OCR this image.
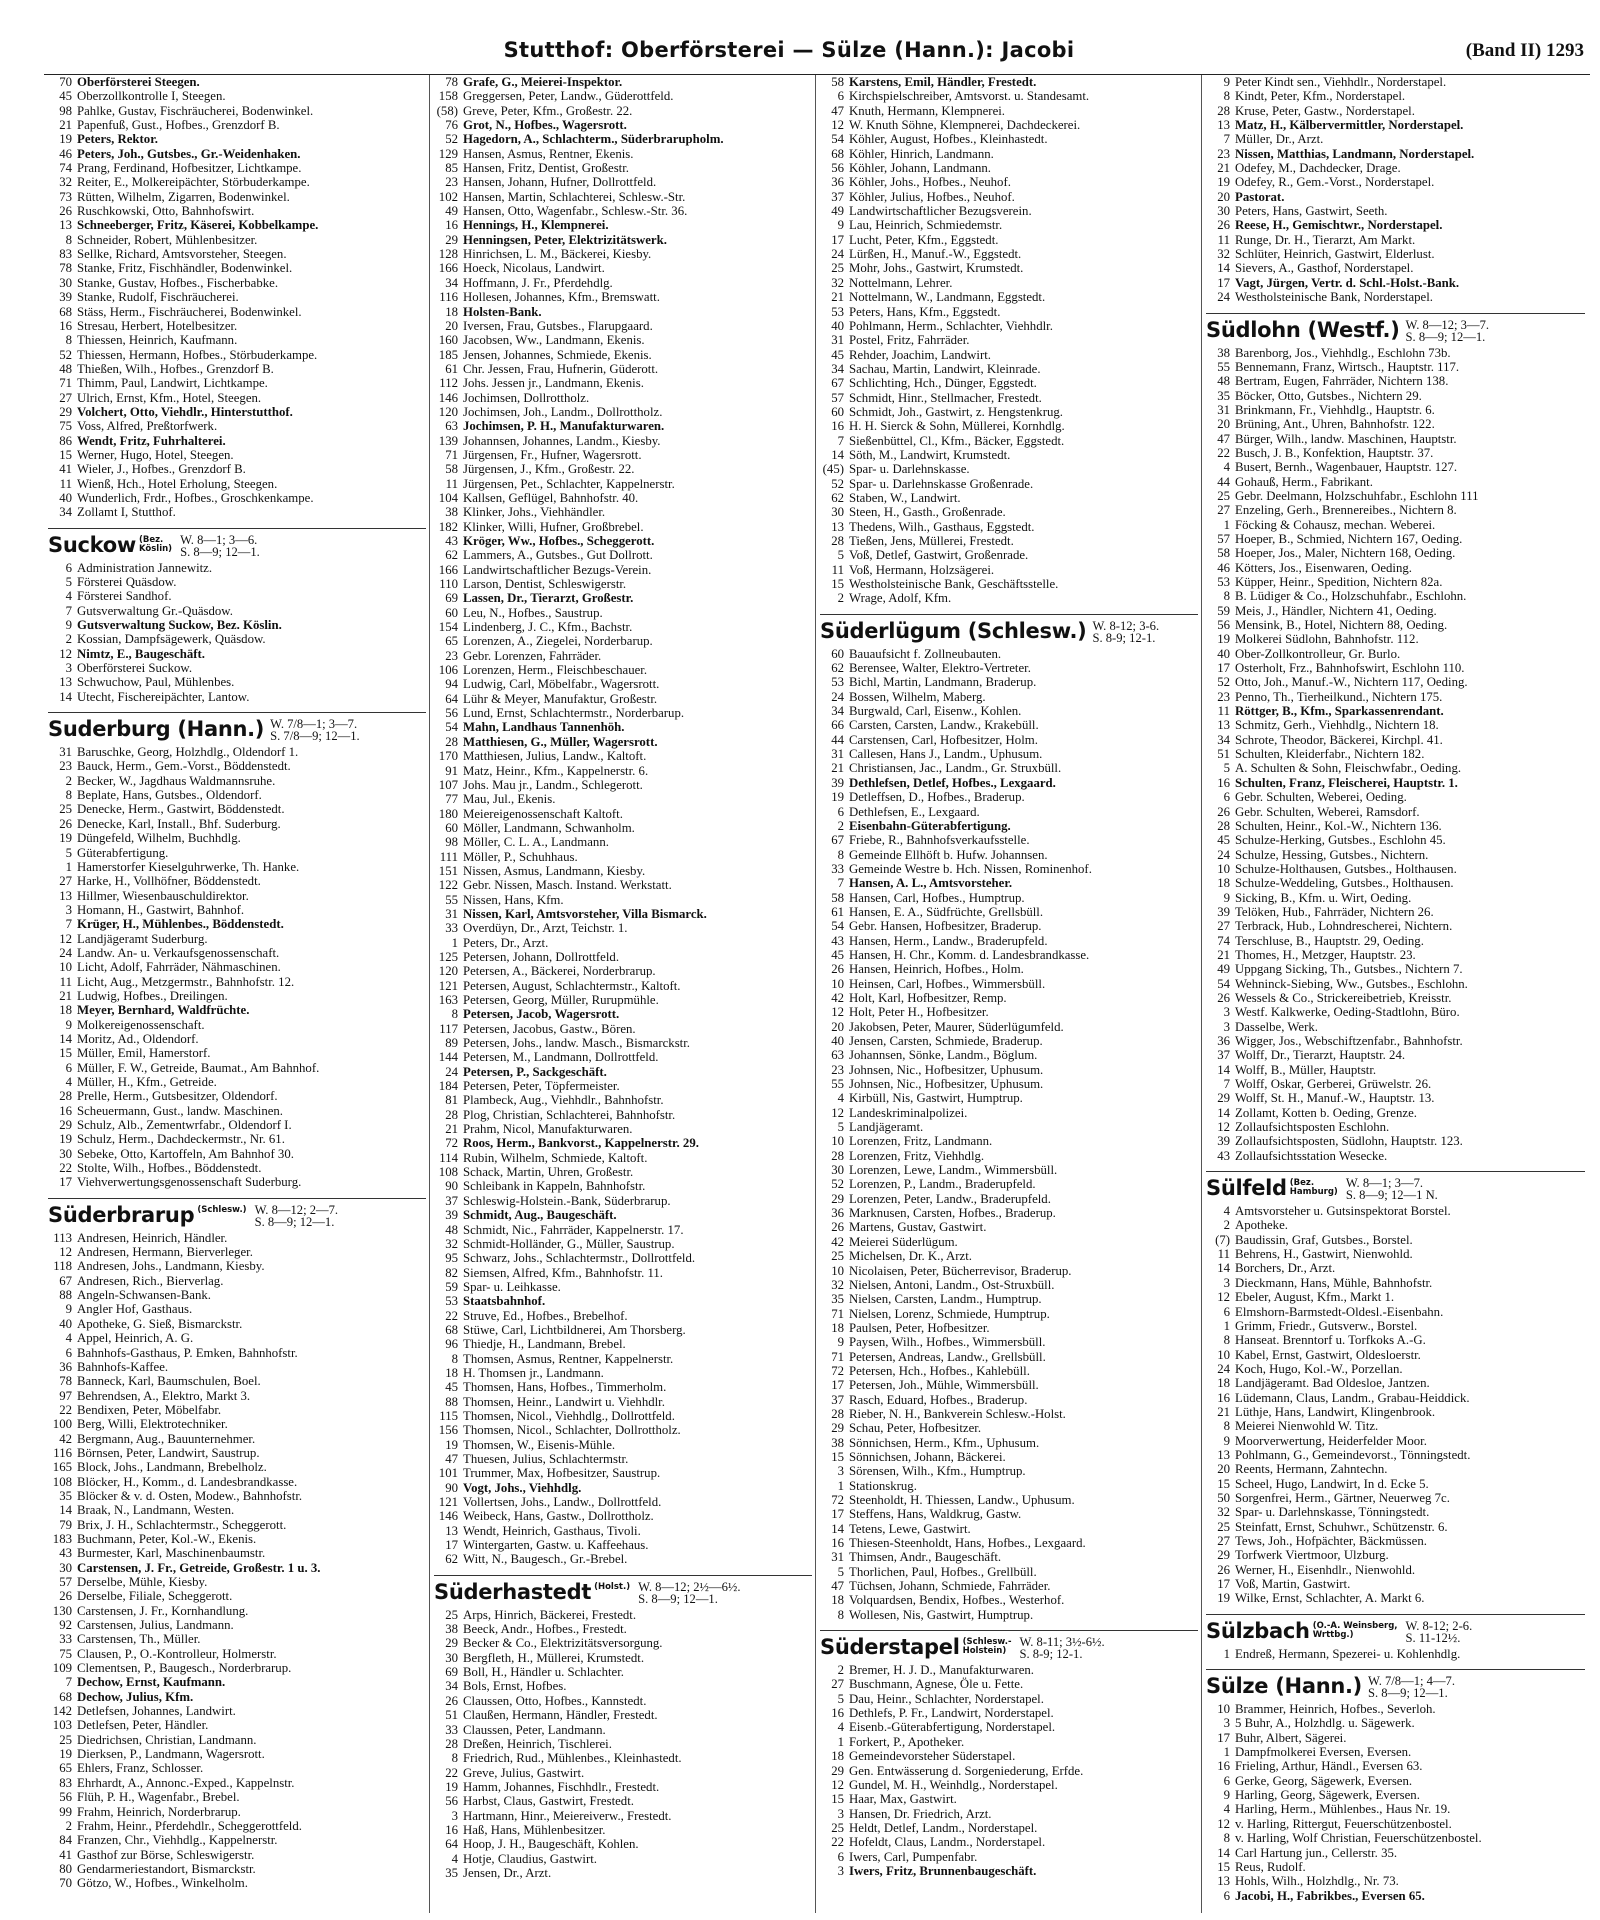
Stutthof: Oberförsterei — Sülze (Hann.): Jacobi	(Band II) 1293
70 Oberförsterei Steegen.
45 Oberzollkontrolle I, Steegen.
98 Pahlke, Gustav, Fischräucherei, Bodenwinkel.
21 Papenfuß, Gust., Hofbes., Grenzdorf B.
19 Peters, Rektor.
46 Peters, Joh., Gutsbes., Gr.-Weidenhaken.
74 Prang, Ferdinand, Hofbesitzer, Lichtkampe.
32 Reiter, E., Molkereipächter, Störbuderkampe.
73 Rütten, Wilhelm, Zigarren, Bodenwinkel.
26 Ruschkowski, Otto, Bahnhofswirt.
13 Schneeberger, Fritz, Käserei, Kobbelkampe.
8 Schneider, Robert, Mühlenbesitzer.
83 Sellke, Richard, Amtsvorsteher, Steegen.
78 Stanke, Fritz, Fischhändler, Bodenwinkel.
30 Stanke, Gustav, Hofbes., Fischerbabke.
39 Stanke, Rudolf, Fischräucherei.
68 Stäss, Herm., Fischräucherei, Bodenwinkel.
16 Stresau, Herbert, Hotelbesitzer.
8 Thiessen, Heinrich, Kaufmann.
52 Thiessen, Hermann, Hofbes., Störbuderkampe.
48 Thießen, Wilh., Hofbes., Grenzdorf B.
71 Thimm, Paul, Landwirt, Lichtkampe.
27 Ulrich, Ernst, Kfm., Hotel, Steegen.
29 Volchert, Otto, Viehdlr., Hinterstutthof.
75 Voss, Alfred, Preßtorfwerk.
86 Wendt, Fritz, Fuhrhalterei.
15 Werner, Hugo, Hotel, Steegen.
41 Wieler, J., Hofbes., Grenzdorf B.
11 Wienß, Hch., Hotel Erholung, Steegen.
40 Wunderlich, Frdr., Hofbes., Groschkenkampe.
34 Zollamt I, Stutthof.
Suckow (Bez.
Köslin)
W. 8—1; 3—6.
S. 8—9; 12—1.
6 Administration Jannewitz.
5 Försterei Quäsdow.
4 Försterei Sandhof.
7 Gutsverwaltung Gr.-Quäsdow.
9 Gutsverwaltung Suckow, Bez. Köslin.
2 Kossian, Dampfsägewerk, Quäsdow.
12 Nimtz, E., Baugeschäft.
3 Oberförsterei Suckow.
13 Schwuchow, Paul, Mühlenbes.
14 Utecht, Fischereipächter, Lantow.
Suderburg (Hann.) W. 7/8—1; 3—7.
S. 7/8—9; 12—1.
31 Baruschke, Georg, Holzhdlg., Oldendorf 1.
23 Bauck, Herm., Gem.-Vorst., Böddenstedt.
2 Becker, W., Jagdhaus Waldmannsruhe.
8 Beplate, Hans, Gutsbes., Oldendorf.
25 Denecke, Herm., Gastwirt, Böddenstedt.
26 Denecke, Karl, Install., Bhf. Suderburg.
19 Düngefeld, Wilhelm, Buchhdlg.
5 Güterabfertigung.
1 Hamerstorfer Kieselguhrwerke, Th. Hanke.
27 Harke, H., Vollhöfner, Böddenstedt.
13 Hillmer, Wiesenbauschuldirektor.
3 Homann, H., Gastwirt, Bahnhof.
7 Krüger, H., Mühlenbes., Böddenstedt.
12 Landjägeramt Suderburg.
24 Landw. An- u. Verkaufsgenossenschaft.
10 Licht, Adolf, Fahrräder, Nähmaschinen.
11 Licht, Aug., Metzgermstr., Bahnhofstr. 12.
21 Ludwig, Hofbes., Dreilingen.
18 Meyer, Bernhard, Waldfrüchte.
9 Molkereigenossenschaft.
14 Moritz, Ad., Oldendorf.
15 Müller, Emil, Hamerstorf.
6 Müller, F. W., Getreide, Baumat., Am Bahnhof.
4 Müller, H., Kfm., Getreide.
28 Prelle, Herm., Gutsbesitzer, Oldendorf.
16 Scheuermann, Gust., landw. Maschinen.
29 Schulz, Alb., Zementwrfabr., Oldendorf I.
19 Schulz, Herm., Dachdeckermstr., Nr. 61.
30 Sebeke, Otto, Kartoffeln, Am Bahnhof 30.
22 Stolte, Wilh., Hofbes., Böddenstedt.
17 Viehverwertungsgenossenschaft Suderburg.
Süderbrarup (Schlesw.) W. 8—12; 2—7.
S. 8—9; 12—1.
113 Andresen, Heinrich, Händler.
12 Andresen, Hermann, Bierverleger.
118 Andresen, Johs., Landmann, Kiesby.
67 Andresen, Rich., Bierverlag.
88 Angeln-Schwansen-Bank.
9 Angler Hof, Gasthaus.
40 Apotheke, G. Sieß, Bismarckstr.
4 Appel, Heinrich, A. G.
6 Bahnhofs-Gasthaus, P. Emken, Bahnhofstr.
36 Bahnhofs-Kaffee.
78 Banneck, Karl, Baumschulen, Boel.
97 Behrendsen, A., Elektro, Markt 3.
22 Bendixen, Peter, Möbelfabr.
100 Berg, Willi, Elektrotechniker.
42 Bergmann, Aug., Bauunternehmer.
116 Börnsen, Peter, Landwirt, Saustrup.
165 Block, Johs., Landmann, Brebelholz.
108 Blöcker, H., Komm., d. Landesbrandkasse.
35 Blöcker & v. d. Osten, Modew., Bahnhofstr.
14 Braak, N., Landmann, Westen.
79 Brix, J. H., Schlachtermstr., Scheggerott.
183 Buchmann, Peter, Kol.-W., Ekenis.
43 Burmester, Karl, Maschinenbaumstr.
30 Carstensen, J. Fr., Getreide, Großestr. 1 u. 3.
57 Derselbe, Mühle, Kiesby.
26 Derselbe, Filiale, Scheggerott.
130 Carstensen, J. Fr., Kornhandlung.
92 Carstensen, Julius, Landmann.
33 Carstensen, Th., Müller.
75 Clausen, P., O.-Kontrolleur, Holmerstr.
109 Clementsen, P., Baugesch., Norderbrarup.
7 Dechow, Ernst, Kaufmann.
68 Dechow, Julius, Kfm.
142 Detlefsen, Johannes, Landwirt.
103 Detlefsen, Peter, Händler.
25 Diedrichsen, Christian, Landmann.
19 Dierksen, P., Landmann, Wagersrott.
65 Ehlers, Franz, Schlosser.
83 Ehrhardt, A., Annonc.-Exped., Kappelnstr.
56 Flüh, P. H., Wagenfabr., Brebel.
99 Frahm, Heinrich, Norderbrarup.
2 Frahm, Heinr., Pferdehdlr., Scheggerottfeld.
84 Franzen, Chr., Viehhdlg., Kappelnerstr.
41 Gasthof zur Börse, Schleswigerstr.
80 Gendarmeriestandort, Bismarckstr.
70 Götzo, W., Hofbes., Winkelholm.
78 Grafe, G., Meierei-Inspektor.
158 Greggersen, Peter, Landw., Güderottfeld.
(58) Greve, Peter, Kfm., Großestr. 22.
76 Grot, N., Hofbes., Wagersrott.
52 Hagedorn, A., Schlachterm., Süderbrarupholm.
129 Hansen, Asmus, Rentner, Ekenis.
85 Hansen, Fritz, Dentist, Großestr.
23 Hansen, Johann, Hufner, Dollrottfeld.
102 Hansen, Martin, Schlachterei, Schlesw.-Str.
49 Hansen, Otto, Wagenfabr., Schlesw.-Str. 36.
16 Hennings, H., Klempnerei.
29 Henningsen, Peter, Elektrizitätswerk.
128 Hinrichsen, L. M., Bäckerei, Kiesby.
166 Hoeck, Nicolaus, Landwirt.
34 Hoffmann, J. Fr., Pferdehdlg.
116 Hollesen, Johannes, Kfm., Bremswatt.
18 Holsten-Bank.
20 Iversen, Frau, Gutsbes., Flarupgaard.
160 Jacobsen, Ww., Landmann, Ekenis.
185 Jensen, Johannes, Schmiede, Ekenis.
61 Chr. Jessen, Frau, Hufnerin, Güderott.
112 Johs. Jessen jr., Landmann, Ekenis.
146 Jochimsen, Dollrottholz.
120 Jochimsen, Joh., Landm., Dollrottholz.
63 Jochimsen, P. H., Manufakturwaren.
139 Johannsen, Johannes, Landm., Kiesby.
71 Jürgensen, Fr., Hufner, Wagersrott.
58 Jürgensen, J., Kfm., Großestr. 22.
11 Jürgensen, Pet., Schlachter, Kappelnerstr.
104 Kallsen, Geflügel, Bahnhofstr. 40.
38 Klinker, Johs., Viehhändler.
182 Klinker, Willi, Hufner, Großbrebel.
43 Kröger, Ww., Hofbes., Scheggerott.
62 Lammers, A., Gutsbes., Gut Dollrott.
166 Landwirtschaftlicher Bezugs-Verein.
110 Larson, Dentist, Schleswigerstr.
69 Lassen, Dr., Tierarzt, Großestr.
60 Leu, N., Hofbes., Saustrup.
154 Lindenberg, J. C., Kfm., Bachstr.
65 Lorenzen, A., Ziegelei, Norderbarup.
23 Gebr. Lorenzen, Fahrräder.
106 Lorenzen, Herm., Fleischbeschauer.
94 Ludwig, Carl, Möbelfabr., Wagersrott.
64 Lühr & Meyer, Manufaktur, Großestr.
56 Lund, Ernst, Schlachtermstr., Norderbarup.
54 Mahn, Landhaus Tannenhöh.
28 Matthiesen, G., Müller, Wagersrott.
170 Matthiesen, Julius, Landw., Kaltoft.
91 Matz, Heinr., Kfm., Kappelnerstr. 6.
107 Johs. Mau jr., Landm., Schlegerott.
77 Mau, Jul., Ekenis.
180 Meiereigenossenschaft Kaltoft.
60 Möller, Landmann, Schwanholm.
98 Möller, C. L. A., Landmann.
111 Möller, P., Schuhhaus.
151 Nissen, Asmus, Landmann, Kiesby.
122 Gebr. Nissen, Masch. Instand. Werkstatt.
55 Nissen, Hans, Kfm.
31 Nissen, Karl, Amtsvorsteher, Villa Bismarck.
33 Overdüyn, Dr., Arzt, Teichstr. 1.
1 Peters, Dr., Arzt.
125 Petersen, Johann, Dollrottfeld.
120 Petersen, A., Bäckerei, Norderbrarup.
121 Petersen, August, Schlachtermstr., Kaltoft.
163 Petersen, Georg, Müller, Rurupmühle.
8 Petersen, Jacob, Wagersrott.
117 Petersen, Jacobus, Gastw., Bören.
89 Petersen, Johs., landw. Masch., Bismarckstr.
144 Petersen, M., Landmann, Dollrottfeld.
24 Petersen, P., Sackgeschäft.
184 Petersen, Peter, Töpfermeister.
81 Plambeck, Aug., Viehhdlr., Bahnhofstr.
28 Plog, Christian, Schlachterei, Bahnhofstr.
21 Prahm, Nicol, Manufakturwaren.
72 Roos, Herm., Bankvorst., Kappelnerstr. 29.
114 Rubin, Wilhelm, Schmiede, Kaltoft.
108 Schack, Martin, Uhren, Großestr.
90 Schleibank in Kappeln, Bahnhofstr.
37 Schleswig-Holstein.-Bank, Süderbrarup.
39 Schmidt, Aug., Baugeschäft.
48 Schmidt, Nic., Fahrräder, Kappelnerstr. 17.
32 Schmidt-Holländer, G., Müller, Saustrup.
95 Schwarz, Johs., Schlachtermstr., Dollrottfeld.
82 Siemsen, Alfred, Kfm., Bahnhofstr. 11.
59 Spar- u. Leihkasse.
53 Staatsbahnhof.
22 Struve, Ed., Hofbes., Brebelhof.
68 Stüwe, Carl, Lichtbildnerei, Am Thorsberg.
96 Thiedje, H., Landmann, Brebel.
8 Thomsen, Asmus, Rentner, Kappelnerstr.
18 H. Thomsen jr., Landmann.
45 Thomsen, Hans, Hofbes., Timmerholm.
88 Thomsen, Heinr., Landwirt u. Viehhdlr.
115 Thomsen, Nicol., Viehhdlg., Dollrottfeld.
156 Thomsen, Nicol., Schlachter, Dollrottholz.
19 Thomsen, W., Eisenis-Mühle.
47 Thuesen, Julius, Schlachtermstr.
101 Trummer, Max, Hofbesitzer, Saustrup.
90 Vogt, Johs., Viehhdlg.
121 Vollertsen, Johs., Landw., Dollrottfeld.
146 Weibeck, Hans, Gastw., Dollrottholz.
13 Wendt, Heinrich, Gasthaus, Tivoli.
17 Wintergarten, Gastw. u. Kaffeehaus.
62 Witt, N., Baugesch., Gr.-Brebel.
Süderhastedt (Holst.) W. 8—12; 2½—6½.
S. 8—9; 12—1.
25 Arps, Hinrich, Bäckerei, Frestedt.
38 Beeck, Andr., Hofbes., Frestedt.
29 Becker & Co., Elektrizitätsversorgung.
30 Bergfleth, H., Müllerei, Krumstedt.
69 Boll, H., Händler u. Schlachter.
34 Bols, Ernst, Hofbes.
26 Claussen, Otto, Hofbes., Kannstedt.
51 Claußen, Hermann, Händler, Frestedt.
33 Claussen, Peter, Landmann.
28 Dreßen, Heinrich, Tischlerei.
8 Friedrich, Rud., Mühlenbes., Kleinhastedt.
22 Greve, Julius, Gastwirt.
19 Hamm, Johannes, Fischhdlr., Frestedt.
56 Harbst, Claus, Gastwirt, Frestedt.
3 Hartmann, Hinr., Meiereiverw., Frestedt.
16 Haß, Hans, Mühlenbesitzer.
64 Hoop, J. H., Baugeschäft, Kohlen.
4 Hotje, Claudius, Gastwirt.
35 Jensen, Dr., Arzt.
58 Karstens, Emil, Händler, Frestedt.
6 Kirchspielschreiber, Amtsvorst. u. Standesamt.
47 Knuth, Hermann, Klempnerei.
12 W. Knuth Söhne, Klempnerei, Dachdeckerei.
54 Köhler, August, Hofbes., Kleinhastedt.
68 Köhler, Hinrich, Landmann.
56 Köhler, Johann, Landmann.
36 Köhler, Johs., Hofbes., Neuhof.
37 Köhler, Julius, Hofbes., Neuhof.
49 Landwirtschaftlicher Bezugsverein.
9 Lau, Heinrich, Schmiedemstr.
17 Lucht, Peter, Kfm., Eggstedt.
24 Lürßen, H., Manuf.-W., Eggstedt.
25 Mohr, Johs., Gastwirt, Krumstedt.
32 Nottelmann, Lehrer.
21 Nottelmann, W., Landmann, Eggstedt.
53 Peters, Hans, Kfm., Eggstedt.
40 Pohlmann, Herm., Schlachter, Viehhdlr.
31 Postel, Fritz, Fahrräder.
45 Rehder, Joachim, Landwirt.
34 Sachau, Martin, Landwirt, Kleinrade.
67 Schlichting, Hch., Dünger, Eggstedt.
57 Schmidt, Hinr., Stellmacher, Frestedt.
60 Schmidt, Joh., Gastwirt, z. Hengstenkrug.
16 H. H. Sierck & Sohn, Müllerei, Kornhdlg.
7 Sießenbüttel, Cl., Kfm., Bäcker, Eggstedt.
14 Söth, M., Landwirt, Krumstedt.
(45) Spar- u. Darlehnskasse.
52 Spar- u. Darlehnskasse Großenrade.
62 Staben, W., Landwirt.
30 Steen, H., Gasth., Großenrade.
13 Thedens, Wilh., Gasthaus, Eggstedt.
28 Tießen, Jens, Müllerei, Frestedt.
5 Voß, Detlef, Gastwirt, Großenrade.
11 Voß, Hermann, Holzsägerei.
15 Westholsteinische Bank, Geschäftsstelle.
2 Wrage, Adolf, Kfm.
Süderlügum (Schlesw.) W. 8-12; 3-6.
S. 8-9; 12-1.
60 Bauaufsicht f. Zollneubauten.
62 Berensee, Walter, Elektro-Vertreter.
53 Bichl, Martin, Landmann, Braderup.
24 Bossen, Wilhelm, Maberg.
34 Burgwald, Carl, Eisenw., Kohlen.
66 Carsten, Carsten, Landw., Krakebüll.
44 Carstensen, Carl, Hofbesitzer, Holm.
31 Callesen, Hans J., Landm., Uphusum.
21 Christiansen, Jac., Landm., Gr. Struxbüll.
39 Dethlefsen, Detlef, Hofbes., Lexgaard.
19 Detleffsen, D., Hofbes., Braderup.
6 Dethlefsen, E., Lexgaard.
2 Eisenbahn-Güterabfertigung.
67 Friebe, R., Bahnhofsverkaufsstelle.
8 Gemeinde Ellhöft b. Hufw. Johannsen.
33 Gemeinde Westre b. Hch. Nissen, Rominenhof.
7 Hansen, A. L., Amtsvorsteher.
58 Hansen, Carl, Hofbes., Humptrup.
61 Hansen, E. A., Südfrüchte, Grellsbüll.
54 Gebr. Hansen, Hofbesitzer, Braderup.
43 Hansen, Herm., Landw., Braderupfeld.
45 Hansen, H. Chr., Komm. d. Landesbrandkasse.
26 Hansen, Heinrich, Hofbes., Holm.
10 Heinsen, Carl, Hofbes., Wimmersbüll.
42 Holt, Karl, Hofbesitzer, Remp.
12 Holt, Peter H., Hofbesitzer.
20 Jakobsen, Peter, Maurer, Süderlügumfeld.
40 Jensen, Carsten, Schmiede, Braderup.
63 Johannsen, Sönke, Landm., Böglum.
23 Johnsen, Nic., Hofbesitzer, Uphusum.
55 Johnsen, Nic., Hofbesitzer, Uphusum.
4 Kirbüll, Nis, Gastwirt, Humptrup.
12 Landeskriminalpolizei.
5 Landjägeramt.
10 Lorenzen, Fritz, Landmann.
28 Lorenzen, Fritz, Viehhdlg.
30 Lorenzen, Lewe, Landm., Wimmersbüll.
52 Lorenzen, P., Landm., Braderupfeld.
29 Lorenzen, Peter, Landw., Braderupfeld.
36 Marknusen, Carsten, Hofbes., Braderup.
26 Martens, Gustav, Gastwirt.
42 Meierei Süderlügum.
25 Michelsen, Dr. K., Arzt.
10 Nicolaisen, Peter, Bücherrevisor, Braderup.
32 Nielsen, Antoni, Landm., Ost-Struxbüll.
35 Nielsen, Carsten, Landm., Humptrup.
71 Nielsen, Lorenz, Schmiede, Humptrup.
18 Paulsen, Peter, Hofbesitzer.
9 Paysen, Wilh., Hofbes., Wimmersbüll.
71 Petersen, Andreas, Landw., Grellsbüll.
72 Petersen, Hch., Hofbes., Kahlebüll.
17 Petersen, Joh., Mühle, Wimmersbüll.
37 Rasch, Eduard, Hofbes., Braderup.
28 Rieber, N. H., Bankverein Schlesw.-Holst.
29 Schau, Peter, Hofbesitzer.
38 Sönnichsen, Herm., Kfm., Uphusum.
15 Sönnichsen, Johann, Bäckerei.
3 Sörensen, Wilh., Kfm., Humptrup.
1 Stationskrug.
72 Steenholdt, H. Thiessen, Landw., Uphusum.
17 Steffens, Hans, Waldkrug, Gastw.
14 Tetens, Lewe, Gastwirt.
16 Thiesen-Steenholdt, Hans, Hofbes., Lexgaard.
31 Thimsen, Andr., Baugeschäft.
5 Thorlichen, Paul, Hofbes., Grellbüll.
47 Tüchsen, Johann, Schmiede, Fahrräder.
18 Volquardsen, Bendix, Hofbes., Westerhof.
8 Wollesen, Nis, Gastwirt, Humptrup.
Süderstapel (Schlesw.-
Holstein)
W. 8-11; 3½-6½.
S. 8-9; 12-1.
2 Bremer, H. J. D., Manufakturwaren.
27 Buschmann, Agnese, Öle u. Fette.
5 Dau, Heinr., Schlachter, Norderstapel.
16 Dethlefs, P. Fr., Landwirt, Norderstapel.
4 Eisenb.-Güterabfertigung, Norderstapel.
1 Forkert, P., Apotheker.
18 Gemeindevorsteher Süderstapel.
29 Gen. Entwässerung d. Sorgeniederung, Erfde.
12 Gundel, M. H., Weinhdlg., Norderstapel.
15 Haar, Max, Gastwirt.
3 Hansen, Dr. Friedrich, Arzt.
25 Heldt, Detlef, Landm., Norderstapel.
22 Hofeldt, Claus, Landm., Norderstapel.
6 Iwers, Carl, Pumpenfabr.
3 Iwers, Fritz, Brunnenbaugeschäft.
9 Peter Kindt sen., Viehhdlr., Norderstapel.
8 Kindt, Peter, Kfm., Norderstapel.
28 Kruse, Peter, Gastw., Norderstapel.
13 Matz, H., Kälbervermittler, Norderstapel.
7 Müller, Dr., Arzt.
23 Nissen, Matthias, Landmann, Norderstapel.
21 Odefey, M., Dachdecker, Drage.
19 Odefey, R., Gem.-Vorst., Norderstapel.
20 Pastorat.
30 Peters, Hans, Gastwirt, Seeth.
26 Reese, H., Gemischtwr., Norderstapel.
11 Runge, Dr. H., Tierarzt, Am Markt.
32 Schlüter, Heinrich, Gastwirt, Elderlust.
14 Sievers, A., Gasthof, Norderstapel.
17 Vagt, Jürgen, Vertr. d. Schl.-Holst.-Bank.
24 Westholsteinische Bank, Norderstapel.
Südlohn (Westf.) W. 8—12; 3—7.
S. 8—9; 12—1.
38 Barenborg, Jos., Viehhdlg., Eschlohn 73b.
55 Bennemann, Franz, Wirtsch., Hauptstr. 117.
48 Bertram, Eugen, Fahrräder, Nichtern 138.
35 Böcker, Otto, Gutsbes., Nichtern 29.
31 Brinkmann, Fr., Viehhdlg., Hauptstr. 6.
20 Brüning, Ant., Uhren, Bahnhofstr. 122.
47 Bürger, Wilh., landw. Maschinen, Hauptstr.
22 Busch, J. B., Konfektion, Hauptstr. 37.
4 Busert, Bernh., Wagenbauer, Hauptstr. 127.
44 Gohauß, Herm., Fabrikant.
25 Gebr. Deelmann, Holzschuhfabr., Eschlohn 111
27 Enzeling, Gerh., Brennereibes., Nichtern 8.
1 Föcking & Cohausz, mechan. Weberei.
57 Hoeper, B., Schmied, Nichtern 167, Oeding.
58 Hoeper, Jos., Maler, Nichtern 168, Oeding.
46 Kötters, Jos., Eisenwaren, Oeding.
53 Küpper, Heinr., Spedition, Nichtern 82a.
8 B. Lüdiger & Co., Holzschuhfabr., Eschlohn.
59 Meis, J., Händler, Nichtern 41, Oeding.
56 Mensink, B., Hotel, Nichtern 88, Oeding.
19 Molkerei Südlohn, Bahnhofstr. 112.
40 Ober-Zollkontrolleur, Gr. Burlo.
17 Osterholt, Frz., Bahnhofswirt, Eschlohn 110.
52 Otto, Joh., Manuf.-W., Nichtern 117, Oeding.
23 Penno, Th., Tierheilkund., Nichtern 175.
11 Röttger, B., Kfm., Sparkassenrendant.
13 Schmitz, Gerh., Viehhdlg., Nichtern 18.
34 Schrote, Theodor, Bäckerei, Kirchpl. 41.
51 Schulten, Kleiderfabr., Nichtern 182.
5 A. Schulten & Sohn, Fleischwfabr., Oeding.
16 Schulten, Franz, Fleischerei, Hauptstr. 1.
6 Gebr. Schulten, Weberei, Oeding.
26 Gebr. Schulten, Weberei, Ramsdorf.
28 Schulten, Heinr., Kol.-W., Nichtern 136.
45 Schulze-Herking, Gutsbes., Eschlohn 45.
24 Schulze, Hessing, Gutsbes., Nichtern.
10 Schulze-Holthausen, Gutsbes., Holthausen.
18 Schulze-Weddeling, Gutsbes., Holthausen.
9 Sicking, B., Kfm. u. Wirt, Oeding.
39 Telöken, Hub., Fahrräder, Nichtern 26.
27 Terbrack, Hub., Lohndrescherei, Nichtern.
74 Terschluse, B., Hauptstr. 29, Oeding.
21 Thomes, H., Metzger, Hauptstr. 23.
49 Uppgang Sicking, Th., Gutsbes., Nichtern 7.
54 Wehninck-Siebing, Ww., Gutsbes., Eschlohn.
26 Wessels & Co., Strickereibetrieb, Kreisstr.
3 Westf. Kalkwerke, Oeding-Stadtlohn, Büro.
3 Dasselbe, Werk.
36 Wigger, Jos., Webschiftzenfabr., Bahnhofstr.
37 Wolff, Dr., Tierarzt, Hauptstr. 24.
14 Wolff, B., Müller, Hauptstr.
7 Wolff, Oskar, Gerberei, Grüwelstr. 26.
29 Wolff, St. H., Manuf.-W., Hauptstr. 13.
14 Zollamt, Kotten b. Oeding, Grenze.
12 Zollaufsichtsposten Eschlohn.
39 Zollaufsichtsposten, Südlohn, Hauptstr. 123.
43 Zollaufsichtsstation Wesecke.
Sülfeld (Bez.
Hamburg)
W. 8—1; 3—7.
S. 8—9; 12—1 N.
4 Amtsvorsteher u. Gutsinspektorat Borstel.
2 Apotheke.
(7) Baudissin, Graf, Gutsbes., Borstel.
11 Behrens, H., Gastwirt, Nienwohld.
14 Borchers, Dr., Arzt.
3 Dieckmann, Hans, Mühle, Bahnhofstr.
12 Ebeler, August, Kfm., Markt 1.
6 Elmshorn-Barmstedt-Oldesl.-Eisenbahn.
1 Grimm, Friedr., Gutsverw., Borstel.
8 Hanseat. Brenntorf u. Torfkoks A.-G.
10 Kabel, Ernst, Gastwirt, Oldesloerstr.
24 Koch, Hugo, Kol.-W., Porzellan.
18 Landjägeramt. Bad Oldesloe, Jantzen.
16 Lüdemann, Claus, Landm., Grabau-Heiddick.
21 Lüthje, Hans, Landwirt, Klingenbrook.
8 Meierei Nienwohld W. Titz.
9 Moorverwertung, Heiderfelder Moor.
13 Pohlmann, G., Gemeindevorst., Tönningstedt.
20 Reents, Hermann, Zahntechn.
15 Scheel, Hugo, Landwirt, In d. Ecke 5.
50 Sorgenfrei, Herm., Gärtner, Neuerweg 7c.
32 Spar- u. Darlehnskasse, Tönningstedt.
25 Steinfatt, Ernst, Schuhwr., Schützenstr. 6.
27 Tews, Joh., Hofpächter, Bäckmüssen.
29 Torfwerk Viertmoor, Ulzburg.
26 Werner, H., Eisenhdlr., Nienwohld.
17 Voß, Martin, Gastwirt.
19 Wilke, Ernst, Schlachter, A. Markt 6.
Sülzbach (O.-A. Weinsberg,
Wrttbg.)
W. 8-12; 2-6.
S. 11-12½.
1 Endreß, Hermann, Spezerei- u. Kohlenhdlg.
Sülze (Hann.) W. 7/8—1; 4—7.
S. 8—9; 12—1.
10 Brammer, Heinrich, Hofbes., Severloh.
3 5 Buhr, A., Holzhdlg. u. Sägewerk.
17 Buhr, Albert, Sägerei.
1 Dampfmolkerei Eversen, Eversen.
16 Frieling, Arthur, Händl., Eversen 63.
6 Gerke, Georg, Sägewerk, Eversen.
9 Harling, Georg, Sägewerk, Eversen.
4 Harling, Herm., Mühlenbes., Haus Nr. 19.
12 v. Harling, Rittergut, Feuerschützenbostel.
8 v. Harling, Wolf Christian, Feuerschützenbostel.
14 Carl Hartung jun., Cellerstr. 35.
15 Reus, Rudolf.
13 Hohls, Wilh., Holzhdlg., Nr. 73.
6 Jacobi, H., Fabrikbes., Eversen 65.
